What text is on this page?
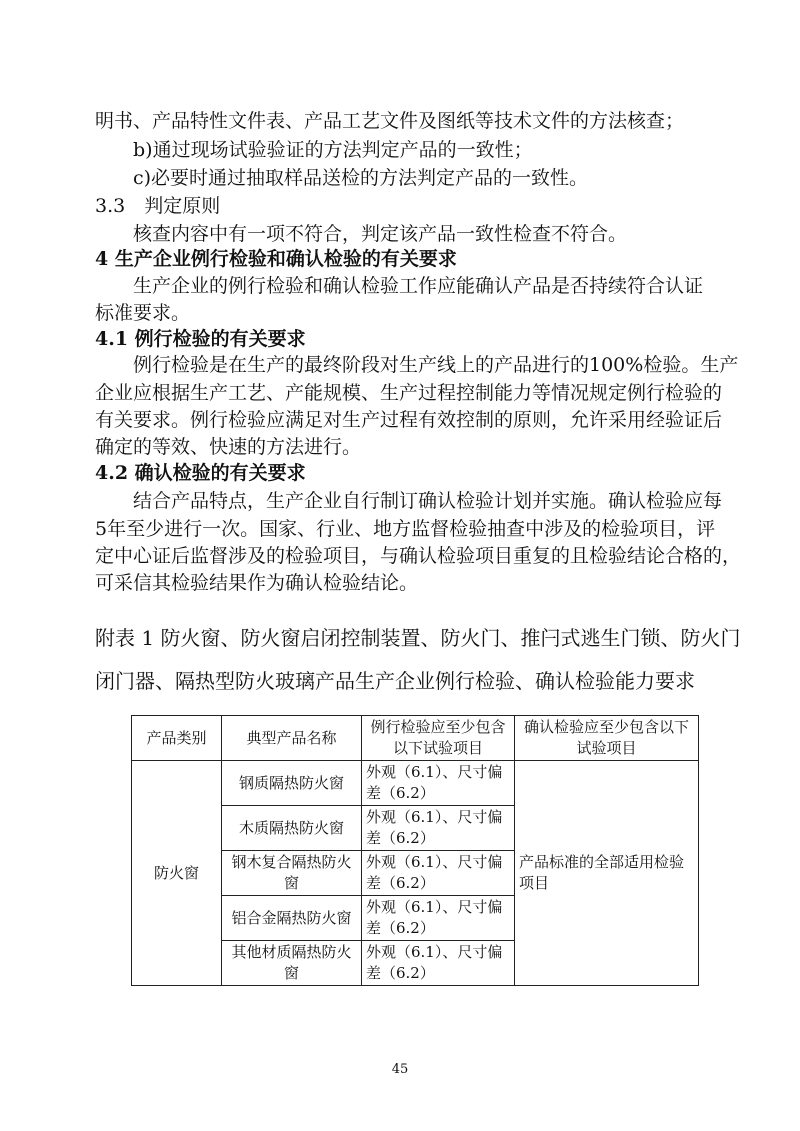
明书、产品特性文件表、产品工艺文件及图纸等技术文件的方法核查；
b)通过现场试验验证的方法判定产品的一致性；
c)必要时通过抽取样品送检的方法判定产品的一致性。
3.3　判定原则
核查内容中有一项不符合，判定该产品一致性检查不符合。
4 生产企业例行检验和确认检验的有关要求
生产企业的例行检验和确认检验工作应能确认产品是否持续符合认证
标准要求。
4.1 例行检验的有关要求
例行检验是在生产的最终阶段对生产线上的产品进行的100%检验。生产
企业应根据生产工艺、产能规模、生产过程控制能力等情况规定例行检验的
有关要求。例行检验应满足对生产过程有效控制的原则，允许采用经验证后
确定的等效、快速的方法进行。
4.2 确认检验的有关要求
结合产品特点，生产企业自行制订确认检验计划并实施。确认检验应每
5年至少进行一次。国家、行业、地方监督检验抽查中涉及的检验项目，评
定中心证后监督涉及的检验项目，与确认检验项目重复的且检验结论合格的，
可采信其检验结果作为确认检验结论。
附表 1 防火窗、防火窗启闭控制装置、防火门、推闩式逃生门锁、防火门
闭门器、隔热型防火玻璃产品生产企业例行检验、确认检验能力要求
产品类别	典型产品名称	例行检验应至少包含以下试验项目	确认检验应至少包含以下试验项目
防火窗	钢质隔热防火窗	外观（6.1）、尺寸偏差（6.2）	产品标准的全部适用检验项目
	木质隔热防火窗	外观（6.1）、尺寸偏差（6.2）	
	钢木复合隔热防火窗	外观（6.1）、尺寸偏差（6.2）	
	铝合金隔热防火窗	外观（6.1）、尺寸偏差（6.2）	
	其他材质隔热防火窗	外观（6.1）、尺寸偏差（6.2）	
45
